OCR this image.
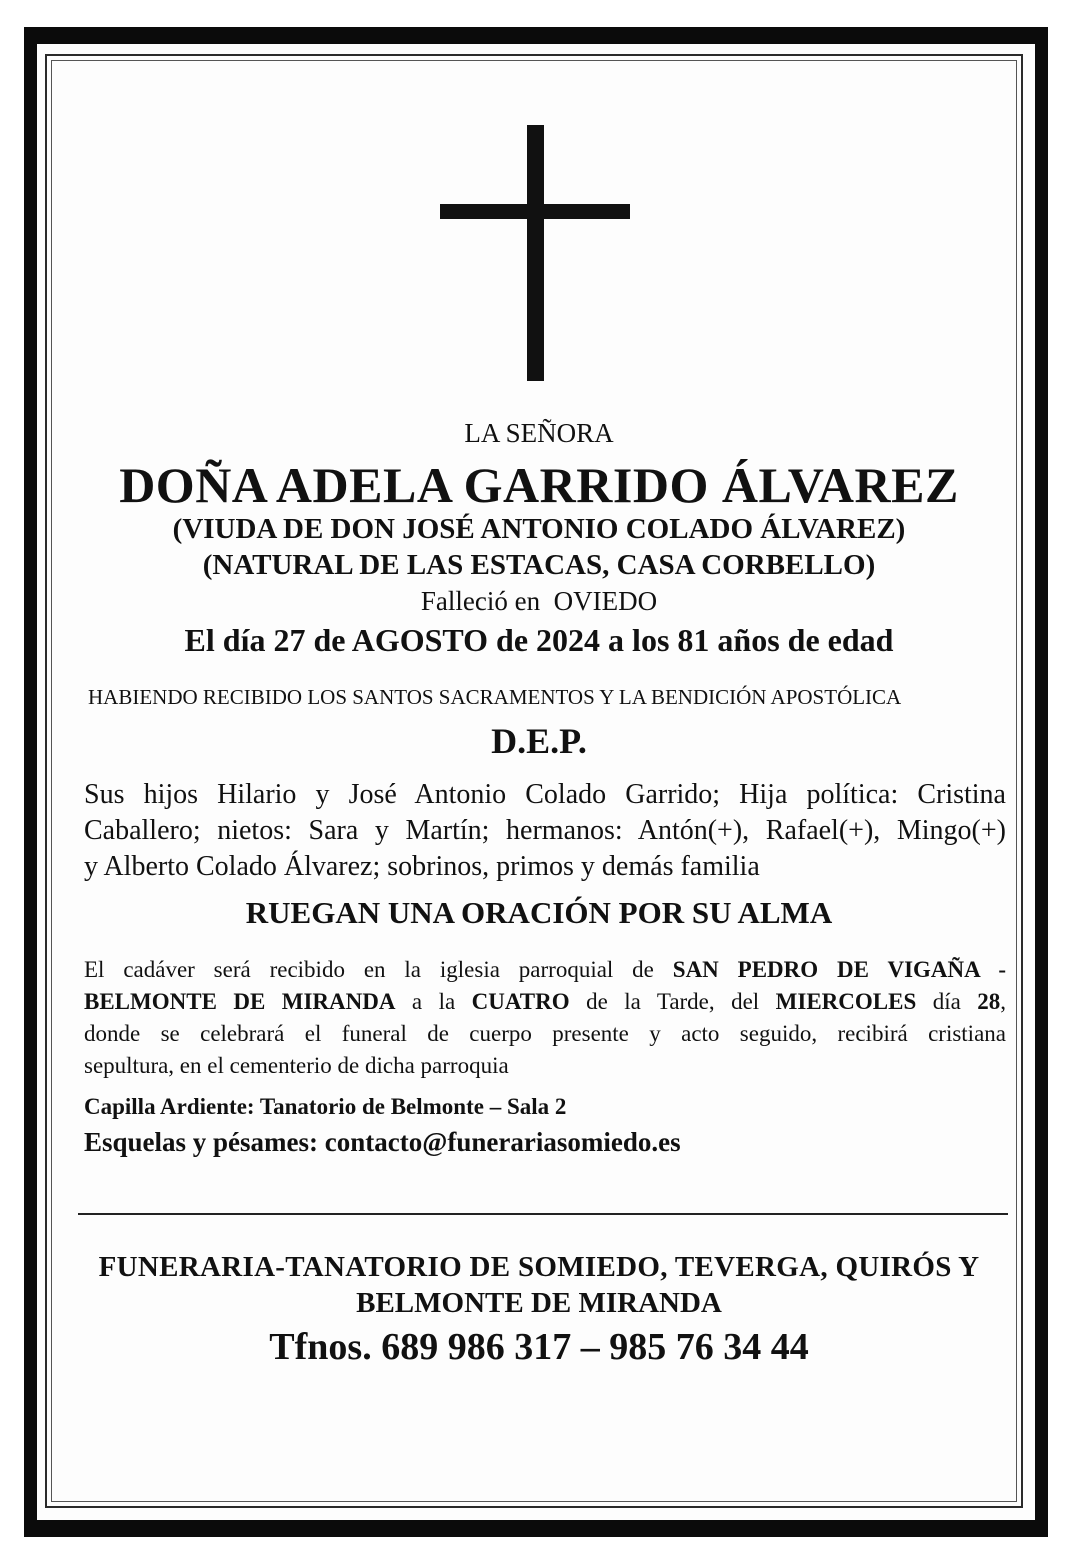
LA SEÑORA
DOÑA ADELA GARRIDO ÁLVAREZ
(VIUDA DE DON JOSÉ ANTONIO COLADO ÁLVAREZ)
(NATURAL DE LAS ESTACAS, CASA CORBELLO)
Falleció en OVIEDO
El día 27 de AGOSTO de 2024 a los 81 años de edad
HABIENDO RECIBIDO LOS SANTOS SACRAMENTOS Y LA BENDICIÓN APOSTÓLICA
D.E.P.
Sus hijos Hilario y José Antonio Colado Garrido; Hija política: Cristina
Caballero; nietos: Sara y Martín; hermanos: Antón(+), Rafael(+), Mingo(+)
y Alberto Colado Álvarez; sobrinos, primos y demás familia
RUEGAN UNA ORACIÓN POR SU ALMA
El cadáver será recibido en la iglesia parroquial de SAN PEDRO DE VIGAÑA -
BELMONTE DE MIRANDA a la CUATRO de la Tarde, del MIERCOLES día 28,
donde se celebrará el funeral de cuerpo presente y acto seguido, recibirá cristiana
sepultura, en el cementerio de dicha parroquia
Capilla Ardiente: Tanatorio de Belmonte – Sala 2
Esquelas y pésames: contacto@funerariasomiedo.es
FUNERARIA-TANATORIO DE SOMIEDO, TEVERGA, QUIRÓS Y
BELMONTE DE MIRANDA
Tfnos. 689 986 317 – 985 76 34 44
